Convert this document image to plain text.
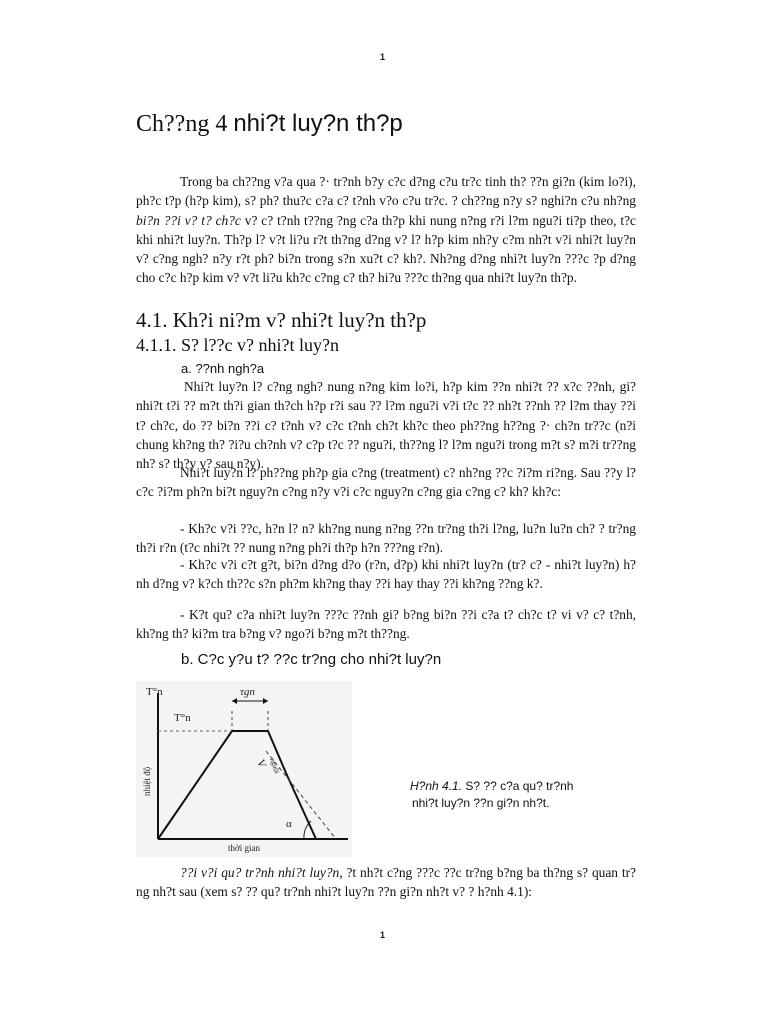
1
Ch??ng 4 nhi?t luy?n th?p
Trong ba ch??ng v?a qua ?· tr?nh b?y c?c d?ng c?u tr?c tinh th? ??n gi?n (kim lo?i), ph?c t?p (h?p kim), s? ph? thu?c c?a c? t?nh v?o c?u tr?c. ? ch??ng n?y s? nghi?n c?u nh?ng bi?n ??i v? t? ch?c v? c? t?nh t??ng ?ng c?a th?p khi nung n?ng r?i l?m ngu?i ti?p theo, t?c khi nhi?t luy?n. Th?p l? v?t li?u r?t th?ng d?ng v? l? h?p kim nh?y c?m nh?t v?i nhi?t luy?n v? c?ng ngh? n?y r?t ph? bi?n trong s?n xu?t c? kh?. Nh?ng d?ng nhi?t luy?n ???c ?p d?ng cho c?c h?p kim v? v?t li?u kh?c c?ng c? th? hi?u ???c th?ng qua nhi?t luy?n th?p.
4.1. Kh?i ni?m v? nhi?t luy?n th?p
4.1.1. S? l??c v? nhi?t luy?n
a. ??nh ngh?a
Nhi?t luy?n l? c?ng ngh? nung n?ng kim lo?i, h?p kim ??n nhi?t ?? x?c ??nh, gi? nhi?t t?i ?? m?t th?i gian th?ch h?p r?i sau ?? l?m ngu?i v?i t?c ?? nh?t ??nh ?? l?m thay ??i t? ch?c, do ?? bi?n ??i c? t?nh v? c?c t?nh ch?t kh?c theo ph??ng h??ng ?· ch?n tr??c (n?i chung kh?ng th? ?i?u ch?nh v? c?p t?c ?? ngu?i, th??ng l? l?m ngu?i trong m?t s? m?i tr??ng nh? s? th?y v? sau n?y).
Nhi?t luy?n l? ph??ng ph?p gia c?ng (treatment) c? nh?ng ??c ?i?m ri?ng. Sau ??y l? c?c ?i?m ph?n bi?t nguy?n c?ng n?y v?i c?c nguy?n c?ng gia c?ng c? kh? kh?c:
- Kh?c v?i ??c, h?n l? n? kh?ng nung n?ng ??n tr?ng th?i l?ng, lu?n lu?n ch? ? tr?ng th?i r?n (t?c nhi?t ?? nung n?ng ph?i th?p h?n ???ng r?n).
- Kh?c v?i c?t g?t, bi?n d?ng d?o (r?n, d?p) khi nhi?t luy?n (tr? c? - nhi?t luy?n) h?nh d?ng v? k?ch th??c s?n ph?m kh?ng thay ??i hay thay ??i kh?ng ??ng k?.
- K?t qu? c?a nhi?t luy?n ???c ??nh gi? b?ng bi?n ??i c?a t? ch?c t? vi v? c? t?nh, kh?ng th? ki?m tra b?ng v? ngo?i b?ng m?t th??ng.
b. C?c y?u t? ??c tr?ng cho nhi?t luy?n
T°n
T°n
τgn
nhiệt độ
thời gian
V nguội
α
H?nh 4.1. S? ?? c?a qu? tr?nh
nhi?t luy?n ??n gi?n nh?t.
??i v?i qu? tr?nh nhi?t luy?n, ?t nh?t c?ng ???c ??c tr?ng b?ng ba th?ng s? quan tr?ng nh?t sau (xem s? ?? qu? tr?nh nhi?t luy?n ??n gi?n nh?t v? ? h?nh 4.1):
1
